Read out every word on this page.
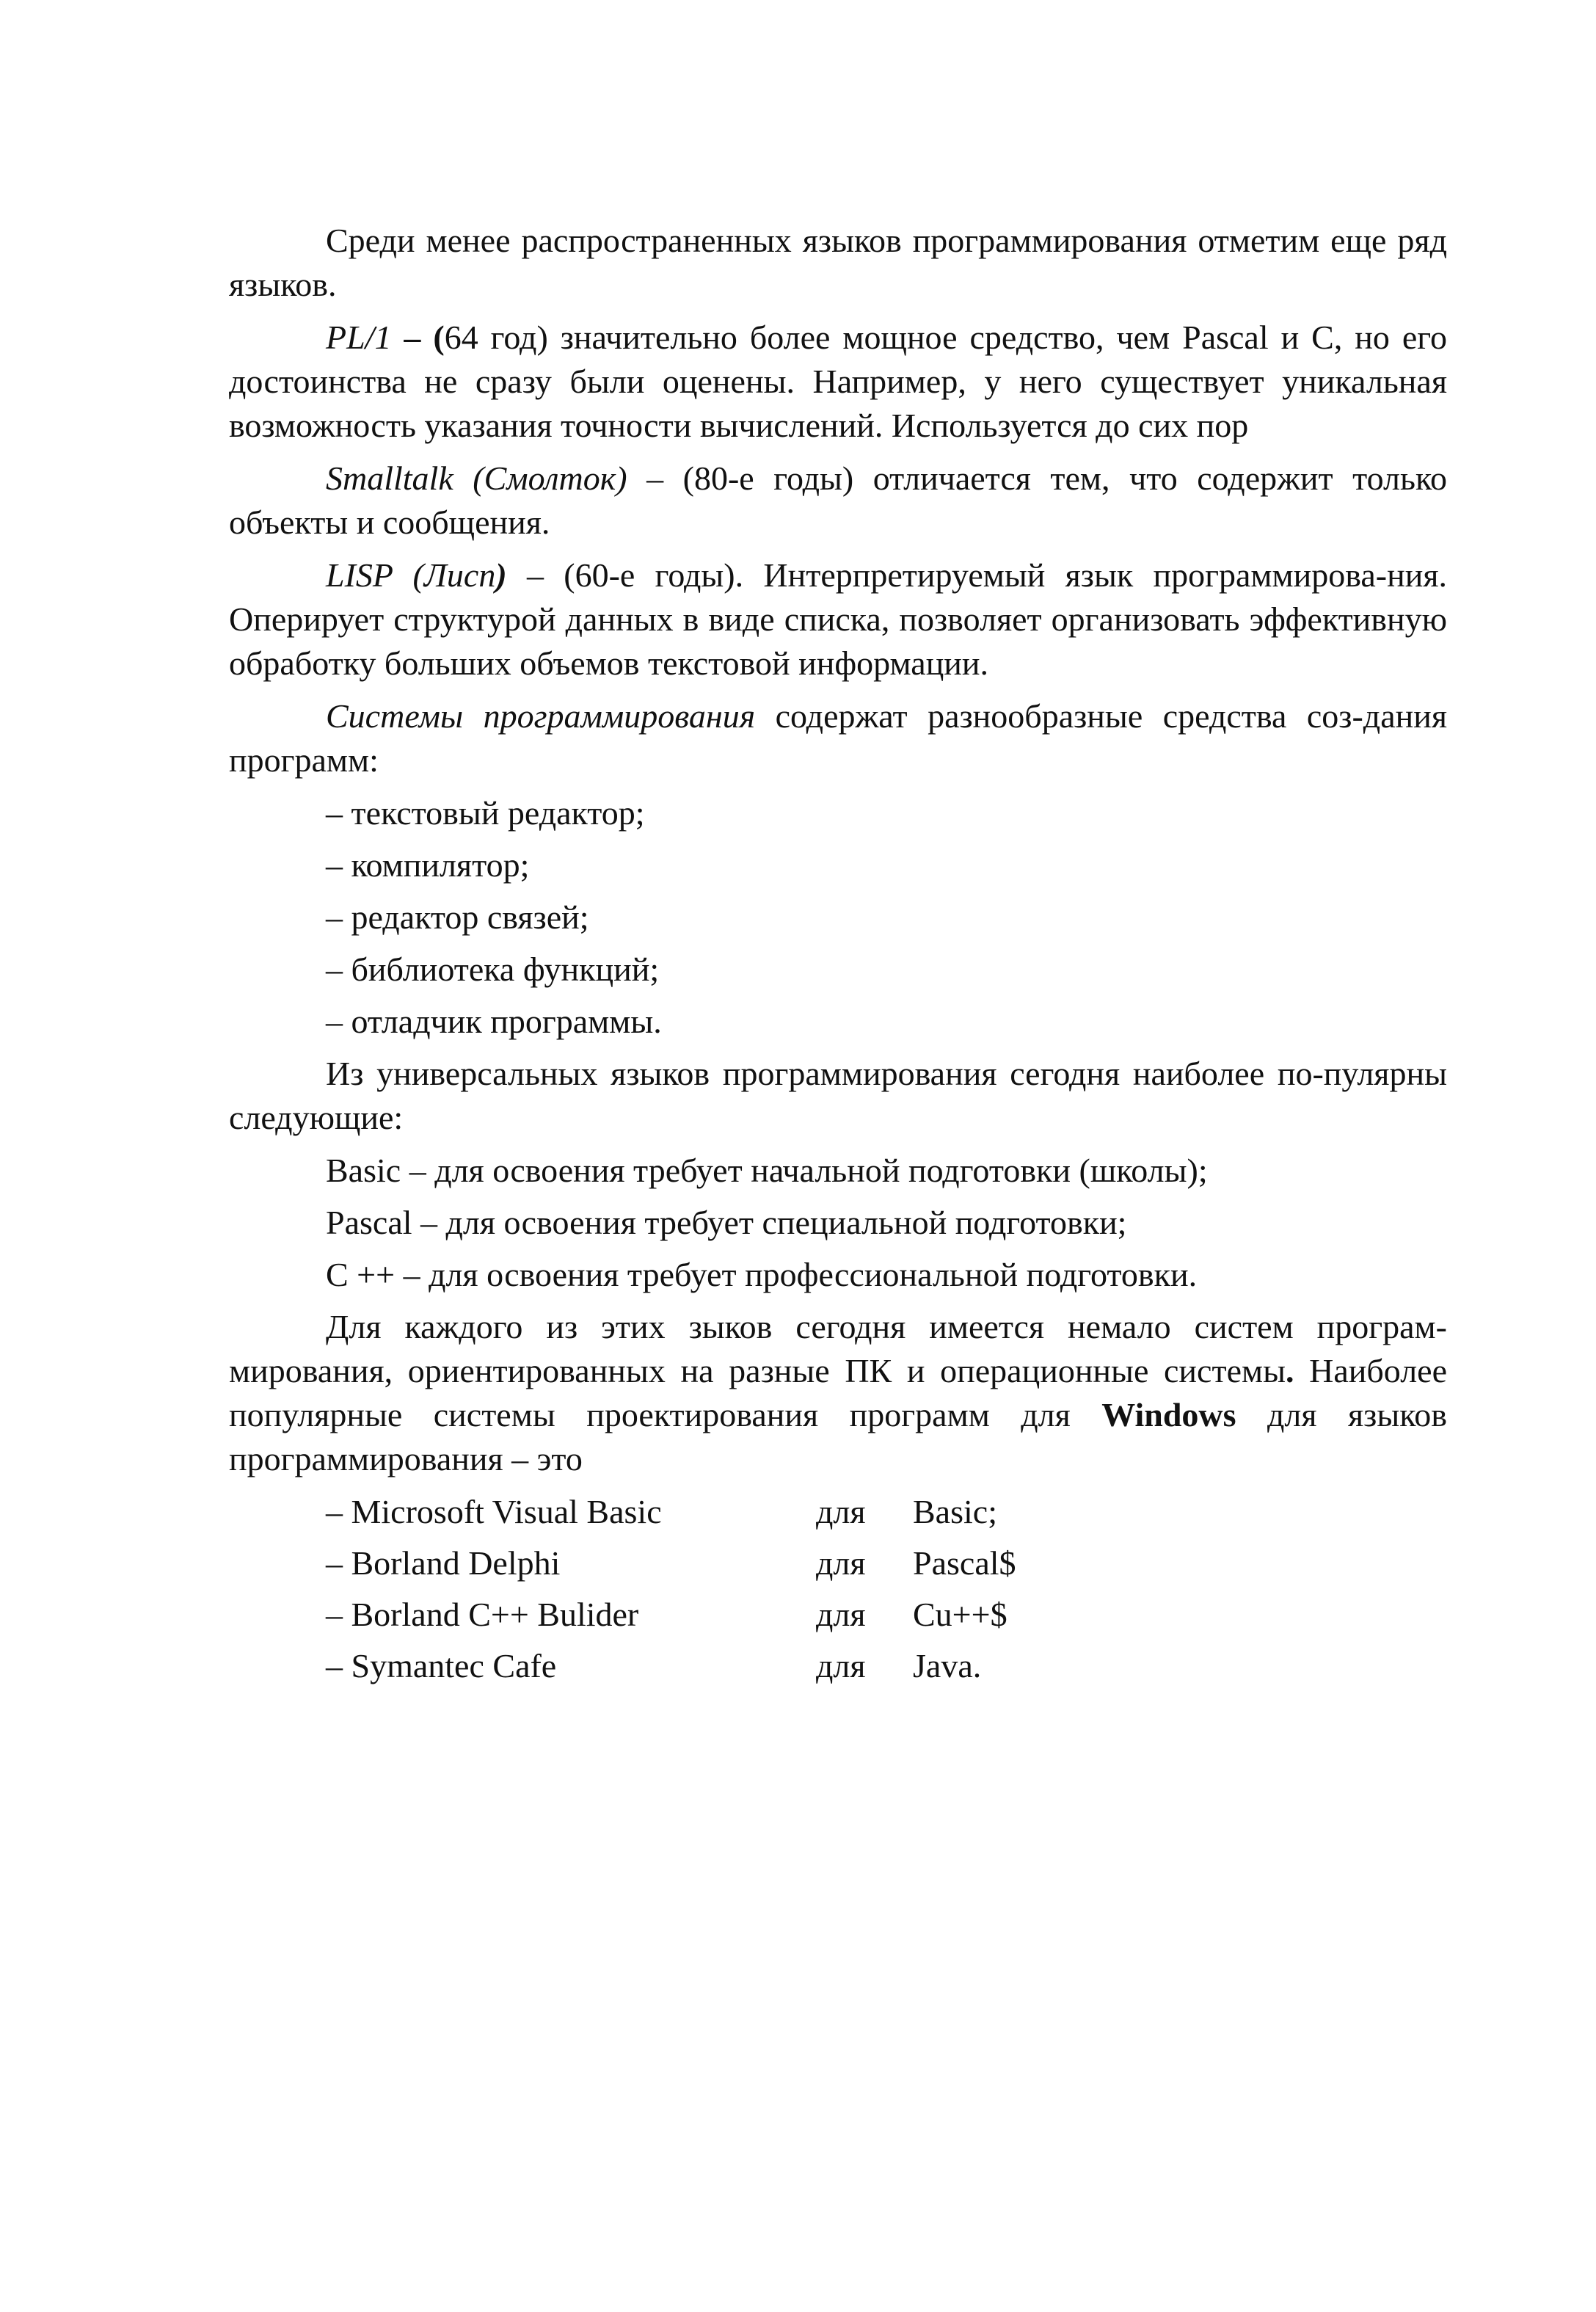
Среди менее распространенных языков программирования отметим еще ряд языков.

PL/1 – (64 год) значительно более мощное средство, чем Pascal и C, но его достоинства не сразу были оценены. Например, у него существует уникальная возможность указания точности вычислений. Используется до сих пор

Smalltalk (Смолток) – (80-е годы) отличается тем, что содержит только объекты и сообщения.

LISP (Лисп) – (60-е годы). Интерпретируемый язык программирова-ния. Оперирует структурой данных в виде списка, позволяет организовать эффективную обработку больших объемов текстовой информации.

Системы программирования содержат разнообразные средства соз-дания программ:

– текстовый редактор;
– компилятор;
– редактор связей;
– библиотека функций;
– отладчик программы.

Из универсальных языков программирования сегодня наиболее по-пулярны следующие:

Basic – для освоения требует начальной подготовки (школы);
Pascal – для освоения требует специальной подготовки;
C ++ – для освоения требует профессиональной подготовки.

Для каждого из этих зыков сегодня имеется немало систем програм-мирования, ориентированных на разные ПК и операционные системы. Наиболее популярные системы проектирования программ для Windows для языков программирования – это

– Microsoft Visual Basic	для	Basic;
– Borland Delphi	для	Pascal$
– Borland C++ Bulider	для	Cu++$
– Symantec Cafe	для	Java.
